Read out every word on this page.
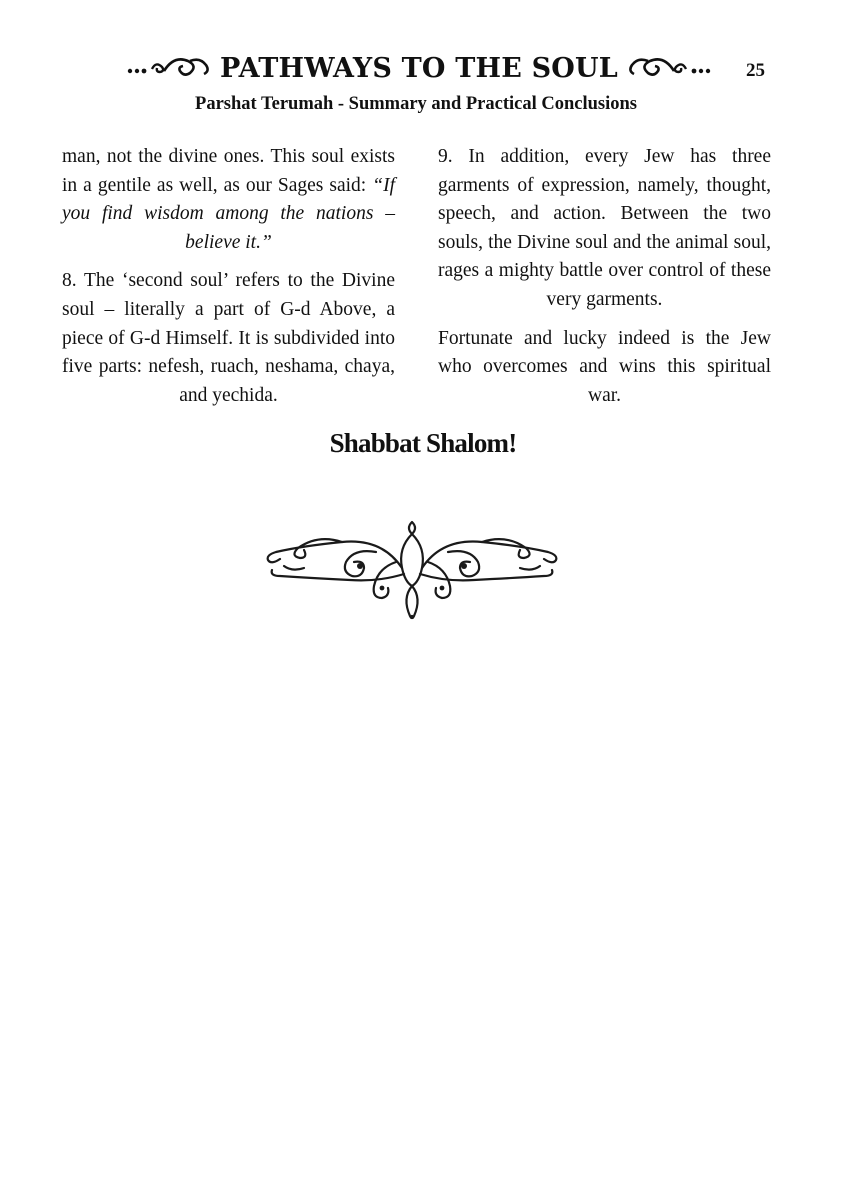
PATHWAYS TO THE SOUL	25
Parshat Terumah - Summary and Practical Conclusions

man, not the divine ones. This soul exists in a gentile as well, as our Sages said: “If you find wisdom among the nations – believe it.”

8. The ‘second soul’ refers to the Divine soul – literally a part of G-d Above, a piece of G-d Himself. It is subdivided into five parts: nefesh, ruach, neshama, chaya, and yechida.

9. In addition, every Jew has three garments of expression, namely, thought, speech, and action. Between the two souls, the Divine soul and the animal soul, rages a mighty battle over control of these very garments.

Fortunate and lucky indeed is the Jew who overcomes and wins this spiritual war.

Shabbat Shalom!
